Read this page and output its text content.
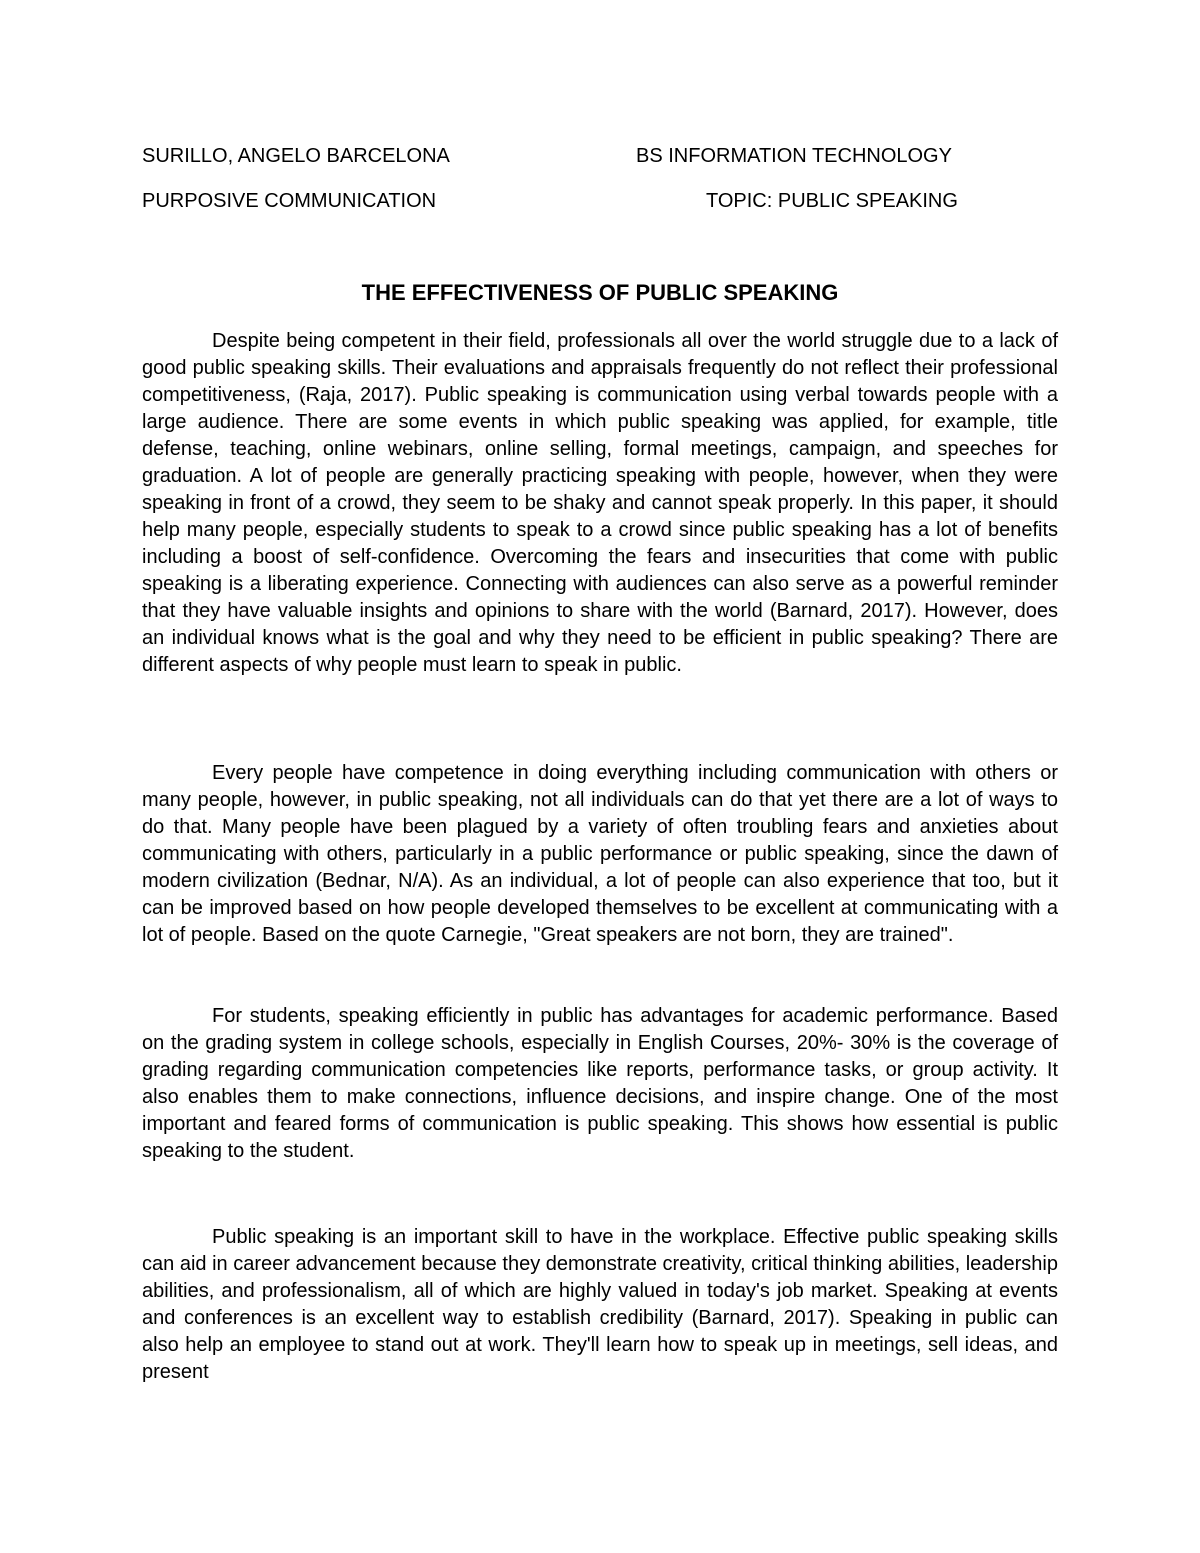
SURILLO, ANGELO BARCELONA	BS INFORMATION TECHNOLOGY
PURPOSIVE COMMUNICATION	TOPIC: PUBLIC SPEAKING
THE EFFECTIVENESS OF PUBLIC SPEAKING

Despite being competent in their field, professionals all over the world struggle due to a lack of good public speaking skills. Their evaluations and appraisals frequently do not reflect their professional competitiveness, (Raja, 2017). Public speaking is communication using verbal towards people with a large audience. There are some events in which public speaking was applied, for example, title defense, teaching, online webinars, online selling, formal meetings, campaign, and speeches for graduation. A lot of people are generally practicing speaking with people, however, when they were speaking in front of a crowd, they seem to be shaky and cannot speak properly. In this paper, it should help many people, especially students to speak to a crowd since public speaking has a lot of benefits including a boost of self-confidence. Overcoming the fears and insecurities that come with public speaking is a liberating experience. Connecting with audiences can also serve as a powerful reminder that they have valuable insights and opinions to share with the world (Barnard, 2017). However, does an individual knows what is the goal and why they need to be efficient in public speaking? There are different aspects of why people must learn to speak in public.

Every people have competence in doing everything including communication with others or many people, however, in public speaking, not all individuals can do that yet there are a lot of ways to do that. Many people have been plagued by a variety of often troubling fears and anxieties about communicating with others, particularly in a public performance or public speaking, since the dawn of modern civilization (Bednar, N/A). As an individual, a lot of people can also experience that too, but it can be improved based on how people developed themselves to be excellent at communicating with a lot of people. Based on the quote Carnegie, "Great speakers are not born, they are trained".

For students, speaking efficiently in public has advantages for academic performance. Based on the grading system in college schools, especially in English Courses, 20%- 30% is the coverage of grading regarding communication competencies like reports, performance tasks, or group activity. It also enables them to make connections, influence decisions, and inspire change. One of the most important and feared forms of communication is public speaking. This shows how essential is public speaking to the student.

Public speaking is an important skill to have in the workplace. Effective public speaking skills can aid in career advancement because they demonstrate creativity, critical thinking abilities, leadership abilities, and professionalism, all of which are highly valued in today's job market. Speaking at events and conferences is an excellent way to establish credibility (Barnard, 2017). Speaking in public can also help an employee to stand out at work. They'll learn how to speak up in meetings, sell ideas, and present
